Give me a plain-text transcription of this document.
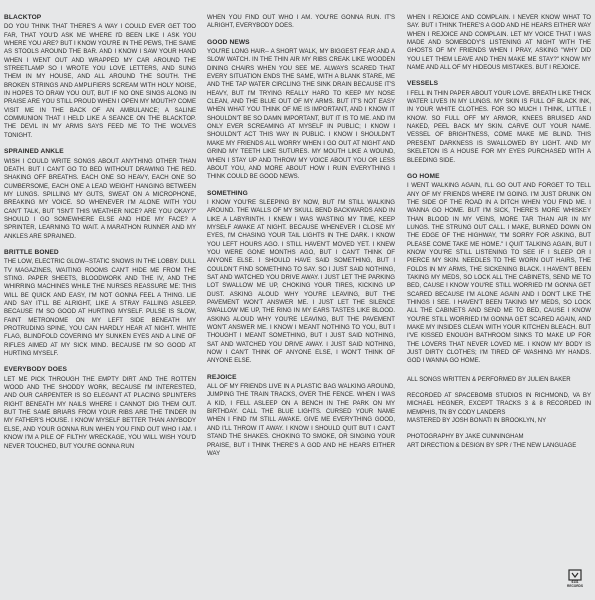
BLACKTOP
DO YOU THINK THAT THERE'S A WAY I COULD EVER GET TOO FAR, THAT YOU'D ASK ME WHERE I'D BEEN LIKE I ASK YOU WHERE YOU ARE? BUT I KNOW YOU'RE IN THE PEWS, THE SAME AS STOOLS AROUND THE BAR. AND I KNOW I SAW YOUR HAND WHEN I WENT OUT AND WRAPPED MY CAR AROUND THE STREETLAMP SO I WROTE YOU LOVE LETTERS, AND SUNG THEM IN MY HOUSE, AND ALL AROUND THE SOUTH. THE BROKEN STRINGS AND AMPLIFIERS SCREAM WITH HOLY NOISE, IN HOPES TO DRAW YOU OUT, BUT IF NO ONE SINGS ALONG IN PRAISE ARE YOU STILL PROUD WHEN I OPEN MY MOUTH? COME VISIT ME IN THE BACK OF AN AMBULANCE; A SALINE COMMUNION THAT I HELD LIKE A SEANCE ON THE BLACKTOP. THE DEVIL IN MY ARMS SAYS FEED ME TO THE WOLVES TONIGHT.
SPRAINED ANKLE
WISH I COULD WRITE SONGS ABOUT ANYTHING OTHER THAN DEATH. BUT I CAN'T GO TO BED WITHOUT DRAWING THE RED. SHAKING OFF BREATHS. EACH ONE SO HEAVY, EACH ONE SO CUMBERSOME, EACH ONE A LEAD WEIGHT HANGING BETWEEN MY LUNGS. SPILLING MY GUTS, SWEAT ON A MICROPHONE, BREAKING MY VOICE. SO WHENEVER I'M ALONE WITH YOU CAN'T TALK, BUT "ISN'T THIS WEATHER NICE? ARE YOU OKAY?" SHOULD I GO SOMEWHERE ELSE AND HIDE MY FACE? A SPRINTER, LEARNING TO WAIT. A MARATHON RUNNER AND MY ANKLES ARE SPRAINED.
BRITTLE BONED
THE LOW, ELECTRIC GLOW--STATIC SNOWS IN THE LOBBY. DULL TV MAGAZINES, WAITING ROOMS CAN'T HIDE ME FROM THE STING. PAPER SHEETS, BLOODWORK AND THE IV, AND THE WHIRRING MACHINES WHILE THE NURSES REASSURE ME: THIS WILL BE QUICK AND EASY, I'M NOT GONNA FEEL A THING. LIE AND SAY IT'LL BE ALRIGHT, LIKE A STRAY FALLING ASLEEP. BECAUSE I'M SO GOOD AT HURTING MYSELF. PULSE IS SLOW, FAINT METRONOME ON MY LEFT SIDE BENEATH MY PROTRUDING SPINE, YOU CAN HARDLY HEAR AT NIGHT. WHITE FLAG, BLINDFOLD COVERING MY SUNKEN EYES AND A LINE OF RIFLES AIMED AT MY SICK MIND. BECAUSE I'M SO GOOD AT HURTING MYSELF.
EVERYBODY DOES
LET ME PICK THROUGH THE EMPTY DIRT AND THE ROTTEN WOOD AND THE SHODDY WORK, BECAUSE I'M INTERESTED, AND OUR CARPENTER IS SO ELEGANT AT PLACING SPLINTERS RIGHT BENEATH MY NAILS WHERE I CANNOT DIG THEM OUT. BUT THE SAME BRIARS FROM YOUR RIBS ARE THE TINDER IN MY FATHER'S HOUSE. I KNOW MYSELF BETTER THAN ANYBODY ELSE, AND YOUR GONNA RUN WHEN YOU FIND OUT WHO I AM. I KNOW I'M A PILE OF FILTHY WRECKAGE, YOU WILL WISH YOU'D NEVER TOUCHED, BUT YOU'RE GONNA RUN
WHEN YOU FIND OUT WHO I AM. YOU'RE GONNA RUN. IT'S ALRIGHT, EVERYBODY DOES.
GOOD NEWS
YOU'RE LONG HAIR-- A SHORT WALK, MY BIGGEST FEAR AND A SLOW WATCH. IN THE THIN AIR MY RIBS CREAK LIKE WOODEN DINING CHAIRS WHEN YOU SEE ME. ALWAYS SCARED THAT EVERY SITUATION ENDS THE SAME, WITH A BLANK STARE, ME AND THE TAP WATER CIRCLING THE SINK DRAIN BECAUSE IT'S HEAVY, BUT I'M TRYING REALLY HARD TO KEEP MY NOSE CLEAN, AND THE BLUE OUT OF MY ARMS. BUT IT'S NOT EASY WHEN WHAT YOU THINK OF ME IS IMPORTANT, AND I KNOW IT SHOULDN'T BE SO DAMN IMPORTANT, BUT IT IS TO ME. AND I'M ONLY EVER SCREAMING AT MYSELF IN PUBLIC; I KNOW I SHOULDN'T ACT THIS WAY IN PUBLIC. I KNOW I SHOULDN'T MAKE MY FRIENDS ALL WORRY WHEN I GO OUT AT NIGHT AND GRIND MY TEETH LIKE SUTURES. MY MOUTH LIKE A WOUND, WHEN I STAY UP AND THROW MY VOICE ABOUT YOU OR LESS ABOUT YOU, AND MORE ABOUT HOW I RUIN EVERYTHING I THINK COULD BE GOOD NEWS.
SOMETHING
I KNOW YOU'RE SLEEPING BY NOW, BUT I'M STILL WALKING AROUND. THE WALLS OF MY SKULL BEND BACKWARDS AND IN LIKE A LABYRINTH. I KNEW I WAS WASTING MY TIME, KEEP MYSELF AWAKE AT NIGHT. BECAUSE WHENEVER I CLOSE MY EYES, I'M CHASING YOUR TAIL LIGHTS IN THE DARK. I KNOW YOU LEFT HOURS AGO. I STILL HAVEN'T MOVED YET. I KNEW YOU WERE GONE MONTHS AGO, BUT I CAN'T THINK OF ANYONE ELSE. I SHOULD HAVE SAID SOMETHING, BUT I COULDN'T FIND SOMETHING TO SAY. SO I JUST SAID NOTHING, SAT AND WATCHED YOU DRIVE AWAY. I JUST LET THE PARKING LOT SWALLOW ME UP, CHOKING YOUR TIRES, KICKING UP DUST. ASKING ALOUD WHY YOU'RE LEAVING, BUT THE PAVEMENT WON'T ANSWER ME. I JUST LET THE SILENCE SWALLOW ME UP, THE RING IN MY EARS TASTES LIKE BLOOD. ASKING ALOUD WHY YOU'RE LEAVING, BUT THE PAVEMENT WON'T ANSWER ME. I KNOW I MEANT NOTHING TO YOU, BUT I THOUGHT I MEANT SOMETHING, BUT I JUST SAID NOTHING, SAT AND WATCHED YOU DRIVE AWAY. I JUST SAID NOTHING, NOW I CAN'T THINK OF ANYONE ELSE, I WON'T THINK OF ANYONE ELSE.
REJOICE
ALL OF MY FRIENDS LIVE IN A PLASTIC BAG WALKING AROUND, JUMPING THE TRAIN TRACKS, OVER THE FENCE. WHEN I WAS A KID, I FELL ASLEEP ON A BENCH IN THE PARK ON MY BIRTHDAY. CALL THE BLUE LIGHTS. CURSED YOUR NAME WHEN I FIND I'M STILL AWAKE. GIVE ME EVERYTHING GOOD, AND I'LL THROW IT AWAY. I KNOW I SHOULD QUIT BUT I CAN'T STAND THE SHAKES. CHOKING TO SMOKE, OR SINGING YOUR PRAISE, BUT I THINK THERE'S A GOD AND HE HEARS EITHER WAY
WHEN I REJOICE AND COMPLAIN. I NEVER KNOW WHAT TO SAY. BUT I THINK THERE'S A GOD AND HE HEARS EITHER WAY WHEN I REJOICE AND COMPLAIN. LET MY VOICE THAT I WAS MADE AND SOMEBODY'S LISTENING AT NIGHT WITH THE GHOSTS OF MY FRIENDS WHEN I PRAY, ASKING "WHY DID YOU LET THEM LEAVE AND THEN MAKE ME STAY?" KNOW MY NAME AND ALL OF MY HIDEOUS MISTAKES. BUT I REJOICE.
VESSELS
I FELL IN THIN PAPER ABOUT YOUR LOVE. BREATH LIKE THICK WATER LIVES IN MY LUNGS. MY SKIN IS FULL OF BLACK INK, IN YOUR WHITE CLOTHES. FOR SO MUCH I THINK, LITTLE I KNOW. SO FULL OFF MY ARMOR, KNEES BRUISED AND NAKED, PEEL BACK MY SKIN. CARVE OUT YOUR NAME. VESSEL OF BRIGHTNESS, COME MAKE ME BLIND. THIS PRESENT DARKNESS IS SWALLOWED BY LIGHT. AND MY SKELETON IS A HOUSE FOR MY EYES PURCHASED WITH A BLEEDING SIDE.
GO HOME
I WENT WALKING AGAIN, I'LL GO OUT AND FORGET TO TELL ANY OF MY FRIENDS WHERE I'M GOING. I'M JUST DRUNK ON THE SIDE OF THE ROAD IN A DITCH WHEN YOU FIND ME. I WANNA GO HOME. BUT I'M SICK, THERE'S MORE WHISKEY THAN BLOOD IN MY VEINS, MORE TAR THAN AIR IN MY LUNGS. THE STRUNG OUT CALL. I MAKE, BURNED DOWN ON THE EDGE OF THE HIGHWAY, "I'M SORRY FOR ASKING, BUT PLEASE COME TAKE ME HOME." I QUIT TALKING AGAIN, BUT I KNOW YOU'RE STILL LISTENING TO SEE IF I SLEEP OR I PIERCE MY SKIN. NEEDLES TO THE WORN OUT HAIRS, THE FOLDS IN MY ARMS, THE SICKENING BLACK. I HAVEN'T BEEN TAKING MY MEDS, SO LOCK ALL THE CABINETS, SEND ME TO BED, CAUSE I KNOW YOU'RE STILL WORRIED I'M GONNA GET SCARED BECAUSE I'M ALONE AGAIN AND I DON'T LIKE THE THINGS I SEE. I HAVEN'T BEEN TAKING MY MEDS, SO LOCK ALL THE CABINETS AND SEND ME TO BED, CAUSE I KNOW YOU'RE STILL WORRIED I'M GONNA GET SCARED AGAIN, AND MAKE MY INSIDES CLEAN WITH YOUR KITCHEN BLEACH. BUT I'VE KISSED ENOUGH BATHROOM SINKS TO MAKE UP FOR THE LOVERS THAT NEVER LOVED ME. I KNOW MY BODY IS JUST DIRTY CLOTHES; I'M TIRED OF WASHING MY HANDS. GOD I WANNA GO HOME.
ALL SONGS WRITTEN & PERFORMED BY JULIEN BAKER
RECORDED AT SPACEBOMB STUDIOS IN RICHMOND, VA BY MICHAEL HEGNER, EXCEPT TRACKS 3 & 8 RECORDED IN MEMPHIS, TN BY CODY LANDERS
MASTERED BY JOSH BONATI IN BROOKLYN, NY
PHOTOGRAPHY BY JAKE CUNNINGHAM
ART DIRECTION & DESIGN BY SPR / THE NEW LANGUAGE
6131
RECORDS
